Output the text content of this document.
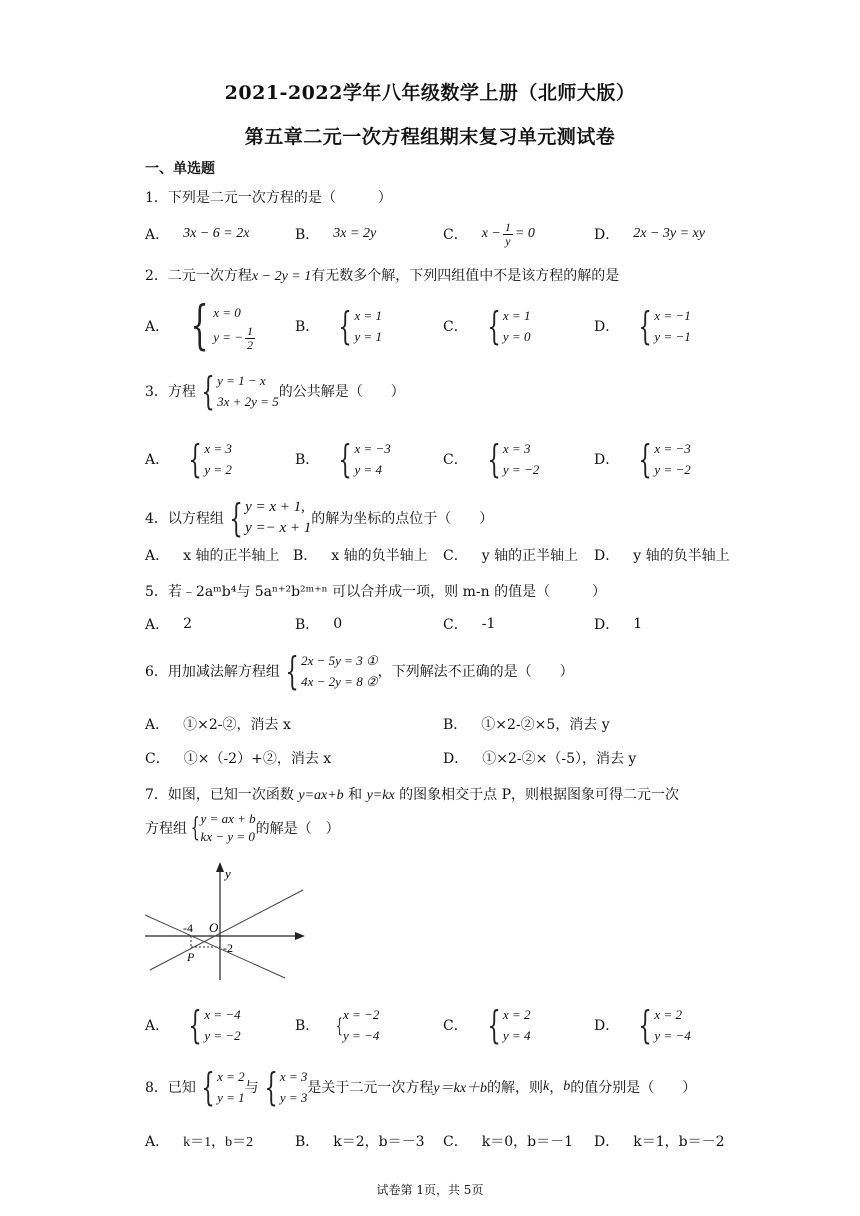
2021-2022学年八年级数学上册（北师大版）
第五章二元一次方程组期末复习单元测试卷
一、单选题
1．下列是二元一次方程的是（　　　）
A． 3x − 6 = 2x	B． 3x = 2y	C． $x - \frac{1}{y} = 0$	D． 2x − 3y = xy
2．二元一次方程x − 2y = 1有无数多个解，下列四组值中不是该方程的解的是
A． { x = 0
y = − $\frac{1}{2}$	B． { x = 1
y = 1
C． { x = 1
y = 0
D． { x = −1
y = −1
3．方程 { y = 1 − x
3x + 2y = 5
的公共解是（　　）
A． { x = 3
y = 2
B． { x = −3
y = 4
C． { x = 3
y = −2
D． { x = −3
y = −2
4．以方程组 { y = x + 1,
y =− x + 1
的解为坐标的点位于（　　）
A． x 轴的正半轴上 B． x 轴的负半轴上 C． y 轴的正半轴上 D． y 轴的负半轴上
5．若﹣2aᵐb⁴与 5aⁿ⁺²b²ᵐ⁺ⁿ 可以合并成一项，则 m-n 的值是（　　　）
A． 2	B． 0	C． -1	D． 1
6．用加减法解方程组 { 2x − 5y = 3 ①
4x − 2y = 8 ②
，下列解法不正确的是（　　）
A． ①×2-②，消去 x	B． ①×2-②×5，消去 y
C． ①×（-2）+②，消去 x	D． ①×2-②×（-5），消去 y
7．如图，已知一次函数 y=ax+b 和 y=kx 的图象相交于点 P，则根据图象可得二元一次
方程组 { y = ax + b
kx − y = 0 的解是（　）
y
O
-4
-2
P
A． { x = −4
y = −2
B． { x = −2
y = −4
C． { x = 2
y = 4
D． { x = 2
y = −4
8．已知 { x = 2
y = 1
与 { x = 3
y = 3
是关于二元一次方程 y＝kx＋b 的解，则 k ， b 的值分别是（　　）
A． k＝1，b＝2	B． k＝2，b＝－3 C． k＝0，b＝－1 D． k＝1，b＝－2
试卷第 1页，共 5页
